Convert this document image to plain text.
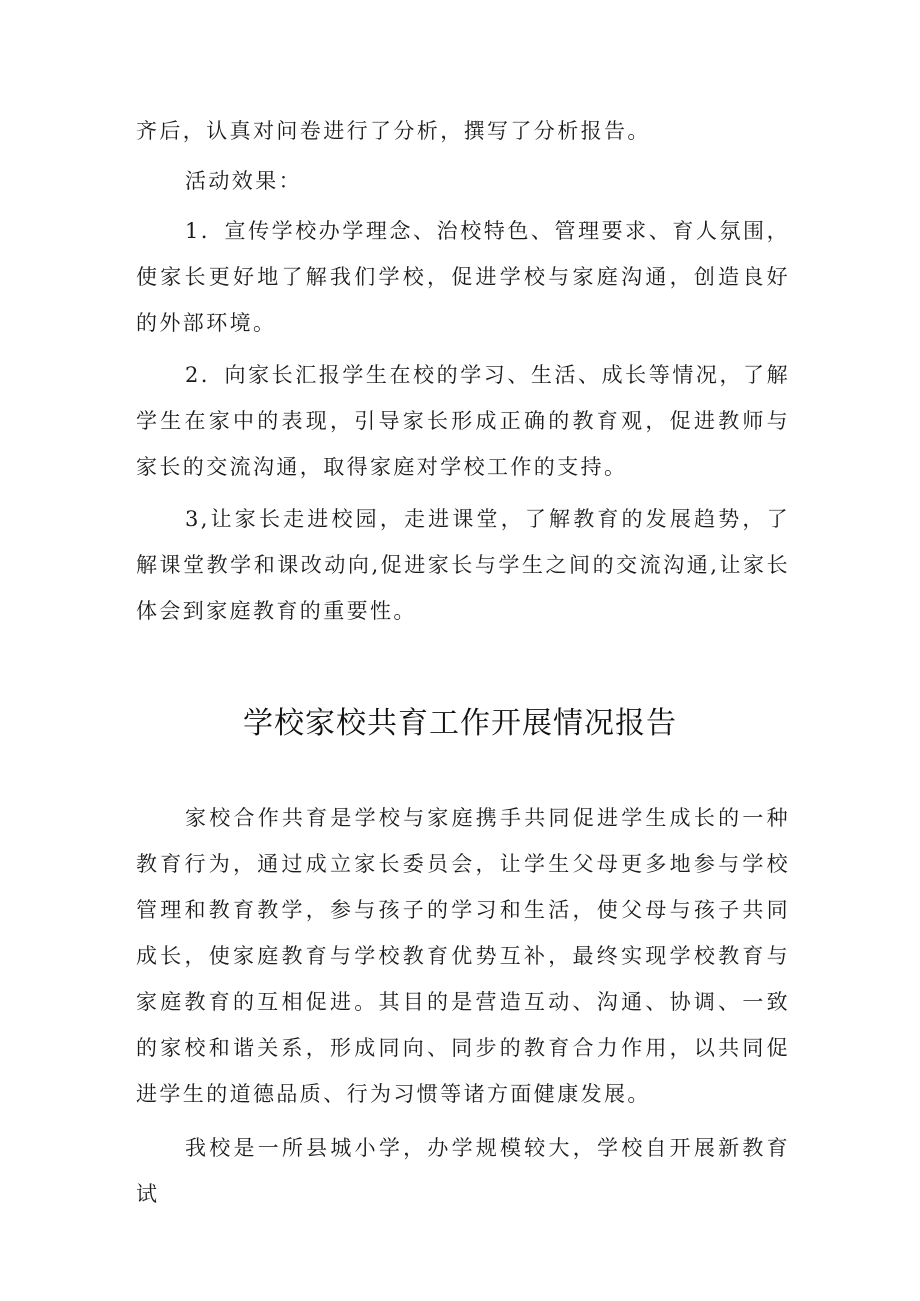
齐后，认真对问卷进行了分析，撰写了分析报告。

活动效果：

1．宣传学校办学理念、治校特色、管理要求、育人氛围，使家长更好地了解我们学校，促进学校与家庭沟通，创造良好的外部环境。

2．向家长汇报学生在校的学习、生活、成长等情况，了解学生在家中的表现，引导家长形成正确的教育观，促进教师与家长的交流沟通，取得家庭对学校工作的支持。

3,让家长走进校园，走进课堂，了解教育的发展趋势，了解课堂教学和课改动向,促进家长与学生之间的交流沟通,让家长体会到家庭教育的重要性。

学校家校共育工作开展情况报告

家校合作共育是学校与家庭携手共同促进学生成长的一种教育行为，通过成立家长委员会，让学生父母更多地参与学校管理和教育教学，参与孩子的学习和生活，使父母与孩子共同成长，使家庭教育与学校教育优势互补，最终实现学校教育与家庭教育的互相促进。其目的是营造互动、沟通、协调、一致的家校和谐关系，形成同向、同步的教育合力作用，以共同促进学生的道德品质、行为习惯等诸方面健康发展。

我校是一所县城小学，办学规模较大，学校自开展新教育试
